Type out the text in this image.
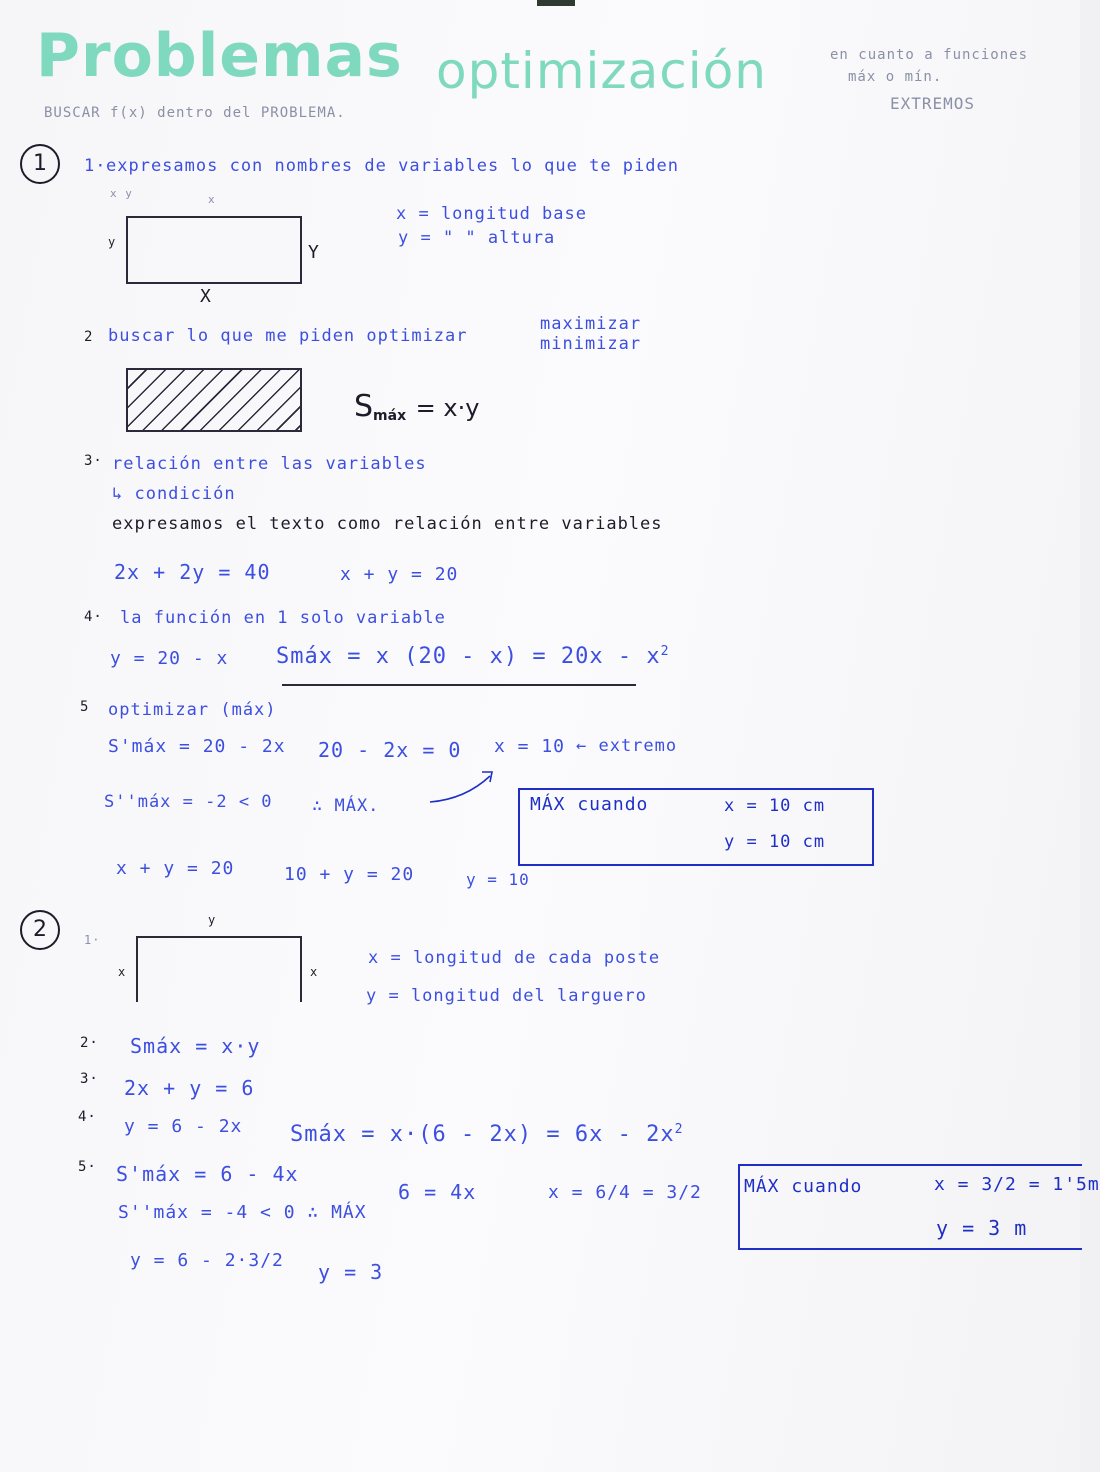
Problemas optimización	en cuanto a funciones
máx o mín.
EXTREMOS
BUSCAR f(x) dentro del PROBLEMA.
1	1· expresamos con nombres de variables lo que te piden
x y	x
y	Y
X
x = longitud base
y = " " altura
2 buscar lo que me piden optimizar
maximizar
minimizar
$S_{máx} = x\cdot y$
3· relación entre las variables
↳ condición
expresamos el texto como relación entre variables
2x + 2y = 40	x + y = 20
4· la función en 1 solo variable
y = 20 - x Smáx = x $(20 - x) = 20x - x^2$
5 optimizar (máx)
S'máx = 20 - 2x 20 - 2x = 0 x = 10 ← extremo
S''máx = -2 < 0 ∴ MÁX.	MÁX cuando	x = 10 cm
y = 10 cm
x + y = 20	10 + y = 20	y = 10
2	1·
y
x	x
x = longitud de cada poste
y = longitud del larguero
2· Smáx = x·y
3· 2x + y = 6
4· y = 6 - 2x Smáx = $x\cdot(6 - 2x) = 6x - 2x^2$
5· S'máx = 6 - 4x
6 = 4x	x = 6/4 = 3/2
S''máx = -4 < 0 ∴ MÁX
y = 6 - 2·3/2 y = 3
MÁX cuando	x = 3/2 = 1'5m
y = 3 m
